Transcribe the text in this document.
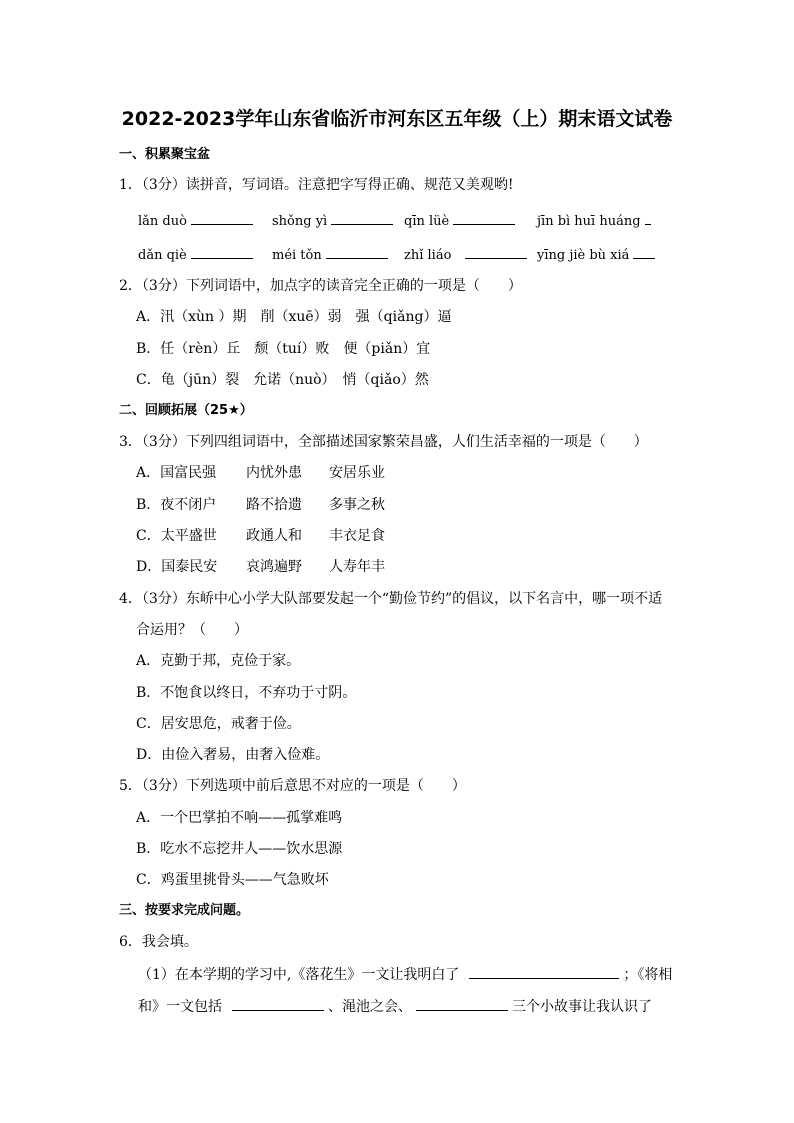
2022-2023学年山东省临沂市河东区五年级（上）期末语文试卷
一、积累聚宝盆
1．（3分）读拼音，写词语。注意把字写得正确、规范又美观哟!
lǎn duò	shǒng yì	qīn lüè	jīn bì huī huáng
dǎn qiè	méi tǒn	zhǐ liáo	yīng jiè bù xiá
2．（3分）下列词语中，加点字的读音完全正确的一项是（　　）
A．汛（xùn ）期　削（xuē）弱　强（qiǎng）逼
B．任（rèn）丘　颓（tuí）败　便（piǎn）宜
C．龟（jūn）裂　允诺（nuò）　悄（qiǎo）然
二、回顾拓展（25★）
3．（3分）下列四组词语中，全部描述国家繁荣昌盛，人们生活幸福的一项是（　　）
A．国富民强 内忧外患 安居乐业
B．夜不闭户 路不拾遗 多事之秋
C．太平盛世 政通人和 丰衣足食
D．国泰民安 哀鸿遍野 人寿年丰
4．（3分）东峤中心小学大队部要发起一个“勤俭节约”的倡议，以下名言中，哪一项不适
合运用？（　　）
A．克勤于邦，克俭于家。
B．不饱食以终日，不弃功于寸阴。
C．居安思危，戒奢于俭。
D．由俭入奢易，由奢入俭难。
5．（3分）下列选项中前后意思不对应的一项是（　　）
A．一个巴掌拍不响——孤掌难鸣
B．吃水不忘挖井人——饮水思源
C．鸡蛋里挑骨头——气急败坏
三、按要求完成问题。
6．我会填。
（1）在本学期的学习中,《落花生》一文让我明白了	；《将相
和》一文包括	、渑池之会、	三个小故事让我认识了
